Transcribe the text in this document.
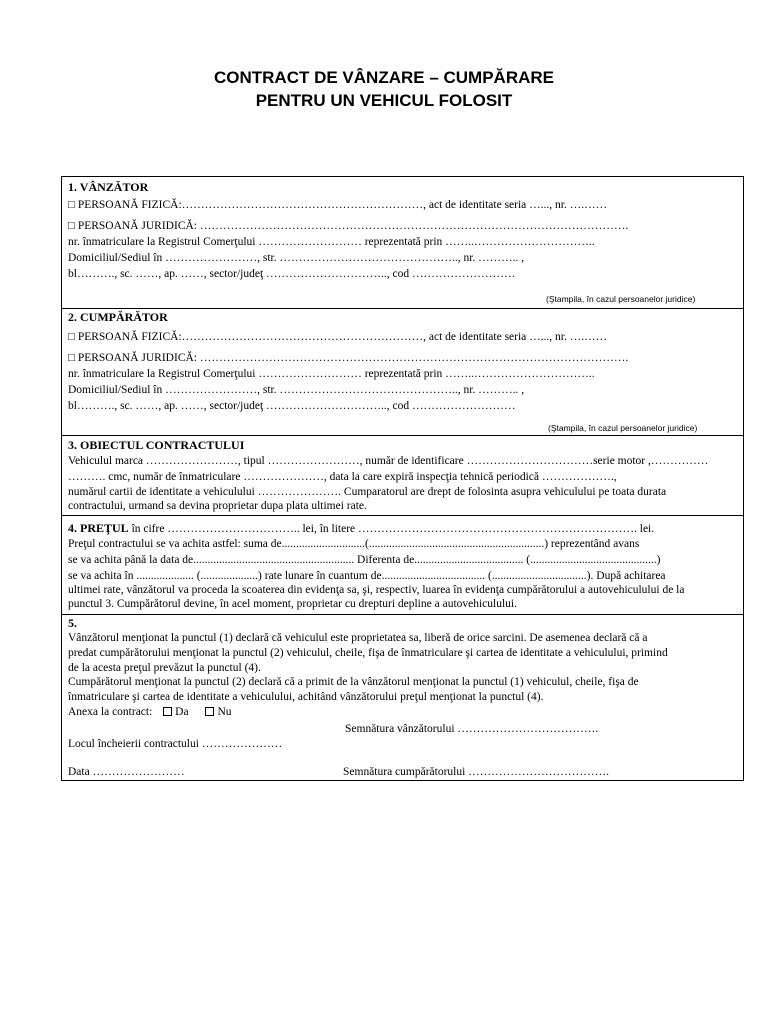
CONTRACT DE VÂNZARE – CUMPĂRARE
PENTRU UN VEHICUL FOLOSIT
1. VÂNZĂTOR
□ PERSOANĂ FIZICĂ:………………………………………………………, act de identitate seria …..., nr. ….……
□ PERSOANĂ JURIDICĂ: ………………………………………………………………………………………………….
nr. înmatriculare la Registrul Comerţului ……………………… reprezentată prin ……..…………………………..
Domiciliul/Sediul în ……………………, str. ……………………………………….., nr. ……….. ,
bl………., sc. ……, ap. ……, sector/judeţ ………………………….., cod ………………………
(Ştampila, în cazul persoanelor juridice)
2. CUMPĂRĂTOR
□ PERSOANĂ FIZICĂ:………………………………………………………, act de identitate seria …..., nr. ….……
□ PERSOANĂ JURIDICĂ: ………………………………………………………………………………………………….
nr. înmatriculare la Registrul Comerţului ……………………… reprezentată prin ……..…………………………..
Domiciliul/Sediul în ……………………, str. ……………………………………….., nr. ……….. ,
bl………., sc. ……, ap. ……, sector/judeţ ………………………….., cod ………………………
(Ştampila, în cazul persoanelor juridice)
3. OBIECTUL CONTRACTULUI
Vehiculul marca ……………………, tipul ……………………, număr de identificare ……………………………serie motor ,……………
………. cmc, număr de înmatriculare …………………, data la care expiră inspecţia tehnică periodică ……………….,
numărul cartii de identitate a vehiculului …………………. Cumparatorul are drept de folosinta asupra vehiculului pe toata durata
contractului, urmand sa devina proprietar dupa plata ultimei rate.
4. PREŢUL în cifre …………………………….. lei, în litere ………………………………………………………………. lei.
Preţul contractului se va achita astfel: suma de.............................(.............................................................) reprezentând avans
se va achita până la data de........................................................ Diferenta de...................................... (............................................)
se va achita în .................... (....................) rate lunare în cuantum de.................................... (.................................). După achitarea
ultimei rate, vânzătorul va proceda la scoaterea din evidenţa sa, şi, respectiv, luarea în evidenţa cumpărătorului a autovehiculului de la
punctul 3. Cumpărătorul devine, în acel moment, proprietar cu drepturi depline a autovehiculului.
5.
Vânzătorul menţionat la punctul (1) declară că vehiculul este proprietatea sa, liberă de orice sarcini. De asemenea declară că a
predat cumpărătorului menţionat la punctul (2) vehiculul, cheile, fişa de înmatriculare şi cartea de identitate a vehiculului, primind
de la acesta preţul prevăzut la punctul (4).
Cumpărătorul menţionat la punctul (2) declară că a primit de la vânzătorul menţionat la punctul (1) vehiculul, cheile, fişa de
înmatriculare şi cartea de identitate a vehiculului, achitând vânzătorului preţul menţionat la punctul (4).
Anexa la contract: Da	Nu
Semnătura vânzătorului ……………………………….
Locul încheierii contractului …………………
Data ……………………	Semnătura cumpărătorului ……………………………….
